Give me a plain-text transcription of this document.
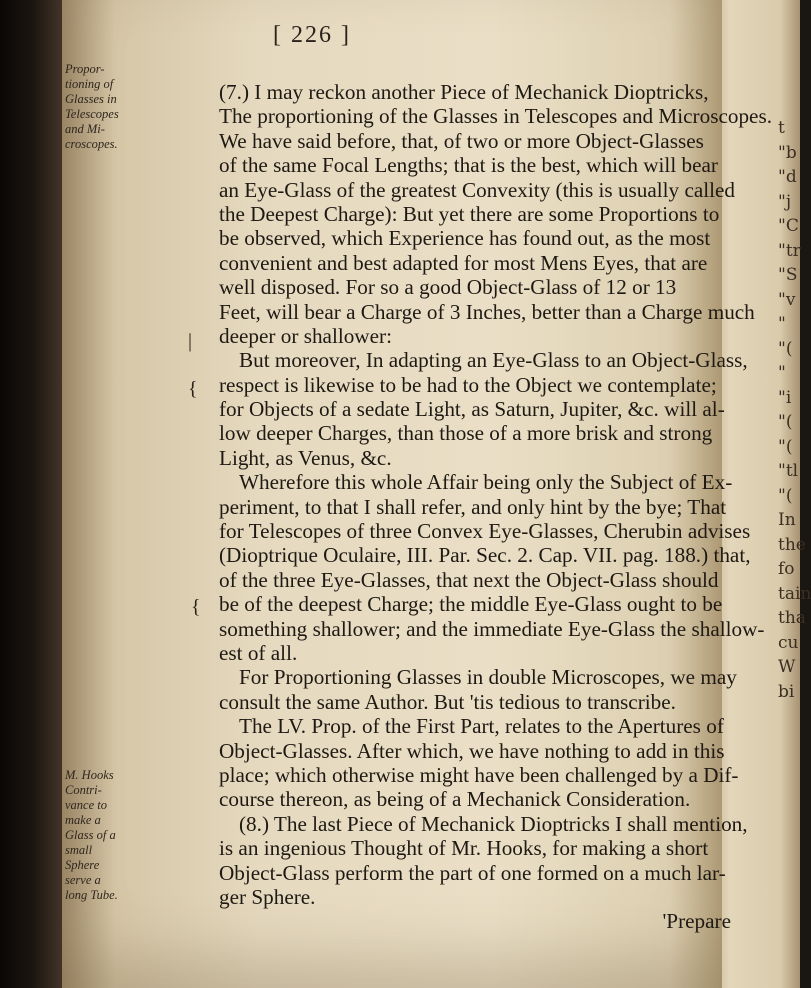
t
"b
"d
"j
"C
"tr
"S
"v
"
"(
"
"i
"(
"(
"tl
"(
In
the
fo
tain
tha
cu
W
bi
[ 226 ]
Propor-
tioning of
Glasses in
Telescopes
and Mi-
croscopes.
M. Hooks
Contri-
vance to
make a
Glass of a
small
Sphere
serve a
long Tube.
|
{
{
(7.) I may reckon another Piece of Mechanick Dioptricks,
The proportioning of the Glasses in Telescopes and Microscopes.
We have said before, that, of two or more Object-Glasses
of the same Focal Lengths; that is the best, which will bear
an Eye-Glass of the greatest Convexity (this is usually called
the Deepest Charge): But yet there are some Proportions to
be observed, which Experience has found out, as the most
convenient and best adapted for most Mens Eyes, that are
well disposed. For so a good Object-Glass of 12 or 13
Feet, will bear a Charge of 3 Inches, better than a Charge much
deeper or shallower:
But moreover, In adapting an Eye-Glass to an Object-Glass,
respect is likewise to be had to the Object we contemplate;
for Objects of a sedate Light, as Saturn, Jupiter, &c. will al-
low deeper Charges, than those of a more brisk and strong
Light, as Venus, &c.
Wherefore this whole Affair being only the Subject of Ex-
periment, to that I shall refer, and only hint by the bye; That
for Telescopes of three Convex Eye-Glasses, Cherubin advises
(Dioptrique Oculaire, III. Par. Sec. 2. Cap. VII. pag. 188.) that,
of the three Eye-Glasses, that next the Object-Glass should
be of the deepest Charge; the middle Eye-Glass ought to be
something shallower; and the immediate Eye-Glass the shallow-
est of all.
For Proportioning Glasses in double Microscopes, we may
consult the same Author. But 'tis tedious to transcribe.
The LV. Prop. of the First Part, relates to the Apertures of
Object-Glasses. After which, we have nothing to add in this
place; which otherwise might have been challenged by a Dif-
course thereon, as being of a Mechanick Consideration.
(8.) The last Piece of Mechanick Dioptricks I shall mention,
is an ingenious Thought of Mr. Hooks, for making a short
Object-Glass perform the part of one formed on a much lar-
ger Sphere.
'Prepare
